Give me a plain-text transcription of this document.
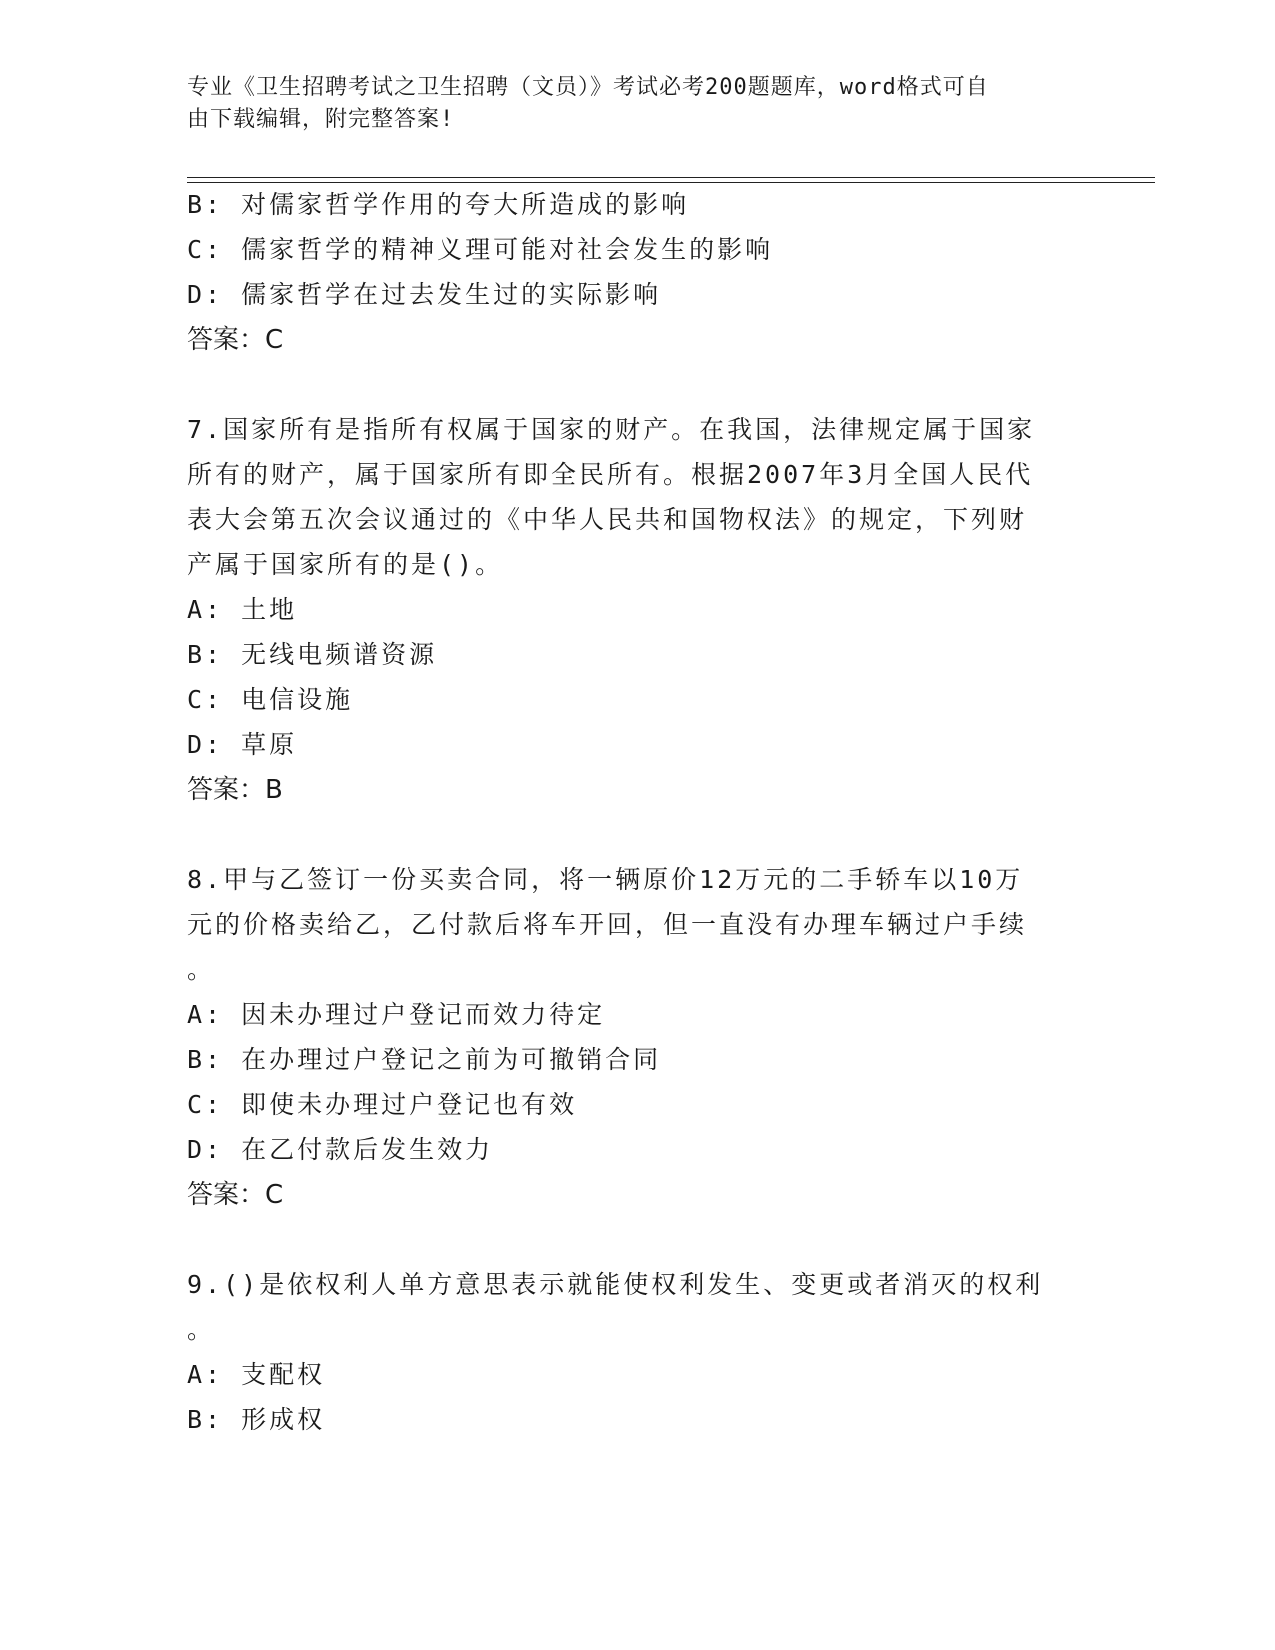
专业《卫生招聘考试之卫生招聘（文员）》考试必考200题题库，word格式可自
由下载编辑，附完整答案!
B: 对儒家哲学作用的夸大所造成的影响
C: 儒家哲学的精神义理可能对社会发生的影响
D: 儒家哲学在过去发生过的实际影响
答案：C
7.国家所有是指所有权属于国家的财产。在我国，法律规定属于国家
所有的财产，属于国家所有即全民所有。根据2007年3月全国人民代
表大会第五次会议通过的《中华人民共和国物权法》的规定，下列财
产属于国家所有的是()。
A: 土地
B: 无线电频谱资源
C: 电信设施
D: 草原
答案：B
8.甲与乙签订一份买卖合同，将一辆原价12万元的二手轿车以10万
元的价格卖给乙，乙付款后将车开回，但一直没有办理车辆过户手续
。
A: 因未办理过户登记而效力待定
B: 在办理过户登记之前为可撤销合同
C: 即使未办理过户登记也有效
D: 在乙付款后发生效力
答案：C
9.()是依权利人单方意思表示就能使权利发生、变更或者消灭的权利
。
A: 支配权
B: 形成权
